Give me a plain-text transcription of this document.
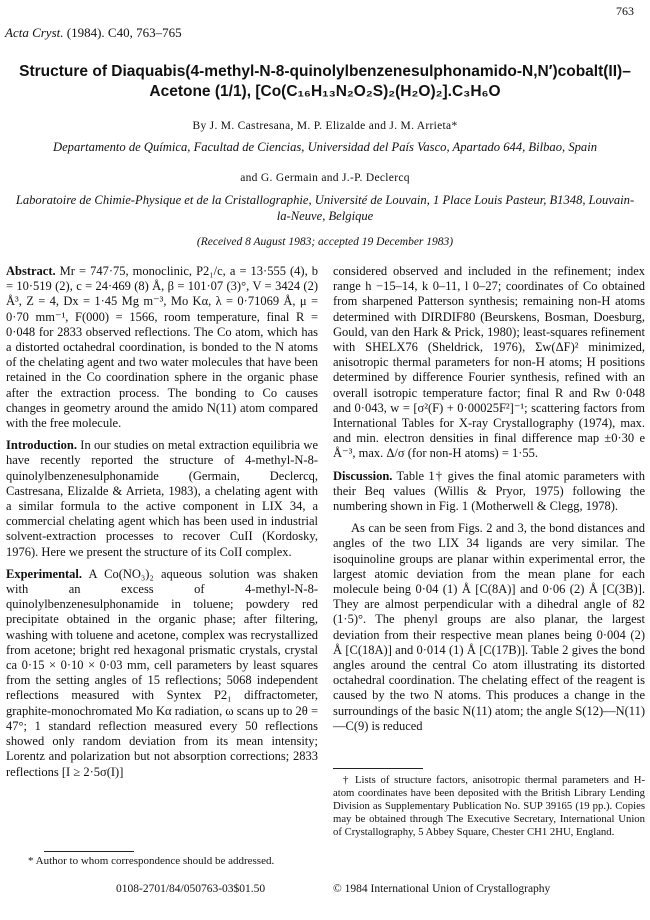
763
Acta Cryst. (1984). C40, 763–765
Structure of Diaquabis(4-methyl-N-8-quinolylbenzenesulphonamido-N,N′)cobalt(II)–Acetone (1/1), [Co(C₁₆H₁₃N₂O₂S)₂(H₂O)₂].C₃H₆O
By J. M. Castresana, M. P. Elizalde and J. M. Arrieta*
Departamento de Química, Facultad de Ciencias, Universidad del País Vasco, Apartado 644, Bilbao, Spain
and G. Germain and J.-P. Declercq
Laboratoire de Chimie-Physique et de la Cristallographie, Université de Louvain, 1 Place Louis Pasteur, B1348, Louvain-la-Neuve, Belgique
(Received 8 August 1983; accepted 19 December 1983)

Abstract. Mr = 747·75, monoclinic, P2₁/c, a = 13·555 (4), b = 10·519 (2), c = 24·469 (8) Å, β = 101·07 (3)°, V = 3424 (2) Å³, Z = 4, Dx = 1·45 Mg m⁻³, Mo Kα, λ = 0·71069 Å, μ = 0·70 mm⁻¹, F(000) = 1566, room temperature, final R = 0·048 for 2833 observed reflections. The Co atom, which has a distorted octahedral coordination, is bonded to the N atoms of the chelating agent and two water molecules that have been retained in the Co coordination sphere in the organic phase after the extraction process. The bonding to Co causes changes in geometry around the amido N(11) atom compared with the free molecule.

Introduction. In our studies on metal extraction equilibria we have recently reported the structure of 4-methyl-N-8-quinolylbenzenesulphonamide (Germain, Declercq, Castresana, Elizalde & Arrieta, 1983), a chelating agent with a similar formula to the active component in LIX 34, a commercial chelating agent which has been used in industrial solvent-extraction processes to recover CuII (Kordosky, 1976). Here we present the structure of its CoII complex.

Experimental. A Co(NO₃)₂ aqueous solution was shaken with an excess of 4-methyl-N-8-quinolylbenzenesulphonamide in toluene; powdery red precipitate obtained in the organic phase; after filtering, washing with toluene and acetone, complex was recrystallized from acetone; bright red hexagonal prismatic crystals, crystal ca 0·15 × 0·10 × 0·03 mm, cell parameters by least squares from the setting angles of 15 reflections; 5068 independent reflections measured with Syntex P2₁ diffractometer, graphite-monochromated Mo Kα radiation, ω scans up to 2θ = 47°; 1 standard reflection measured every 50 reflections showed only random deviation from its mean intensity; Lorentz and polarization but not absorption corrections; 2833 reflections [I ≥ 2·5σ(I)]

considered observed and included in the refinement; index range h −15–14, k 0–11, l 0–27; coordinates of Co obtained from sharpened Patterson synthesis; remaining non-H atoms determined with DIRDIF80 (Beurskens, Bosman, Doesburg, Gould, van den Hark & Prick, 1980); least-squares refinement with SHELX76 (Sheldrick, 1976), Σw(ΔF)² minimized, anisotropic thermal parameters for non-H atoms; H positions determined by difference Fourier synthesis, refined with an overall isotropic temperature factor; final R and Rw 0·048 and 0·043, w = [σ²(F) + 0·00025F²]⁻¹; scattering factors from International Tables for X-ray Crystallography (1974), max. and min. electron densities in final difference map ±0·30 e Å⁻³, max. Δ/σ (for non-H atoms) = 1·55.

Discussion. Table 1† gives the final atomic parameters with their Beq values (Willis & Pryor, 1975) following the numbering shown in Fig. 1 (Motherwell & Clegg, 1978).

As can be seen from Figs. 2 and 3, the bond distances and angles of the two LIX 34 ligands are very similar. The isoquinoline groups are planar within experimental error, the largest atomic deviation from the mean plane for each molecule being 0·04 (1) Å [C(8A)] and 0·06 (2) Å [C(3B)]. They are almost perpendicular with a dihedral angle of 82 (1·5)°. The phenyl groups are also planar, the largest deviation from their respective mean planes being 0·004 (2) Å [C(18A)] and 0·014 (1) Å [C(17B)]. Table 2 gives the bond angles around the central Co atom illustrating its distorted octahedral coordination. The chelating effect of the reagent is caused by the two N atoms. This produces a change in the surroundings of the basic N(11) atom; the angle S(12)—N(11)—C(9) is reduced

† Lists of structure factors, anisotropic thermal parameters and H-atom coordinates have been deposited with the British Library Lending Division as Supplementary Publication No. SUP 39165 (19 pp.). Copies may be obtained through The Executive Secretary, International Union of Crystallography, 5 Abbey Square, Chester CH1 2HU, England.
* Author to whom correspondence should be addressed.
0108-2701/84/050763-03$01.50	© 1984 International Union of Crystallography
